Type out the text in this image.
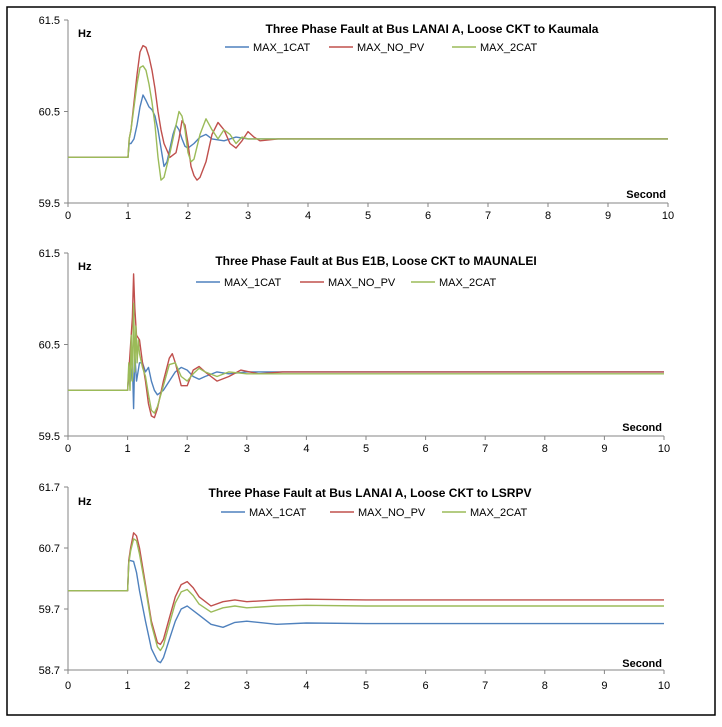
0	1	2	3	4	5	6	7	8	9	10
59.5
60.5
61.5
Hz
Second
Three Phase Fault at Bus LANAI A, Loose CKT to Kaumala
MAX_1CAT	MAX_NO_PV	MAX_2CAT
0	1	2	3	4	5	6	7	8	9	10
59.5
60.5
61.5
Hz
Second
Three Phase Fault at Bus E1B, Loose CKT to MAUNALEI
MAX_1CAT	MAX_NO_PV	MAX_2CAT
0	1	2	3	4	5	6	7	8	9	10
58.7
59.7
60.7
61.7
Hz
Second
Three Phase Fault at Bus LANAI A, Loose CKT to LSRPV
MAX_1CAT	MAX_NO_PV	MAX_2CAT
